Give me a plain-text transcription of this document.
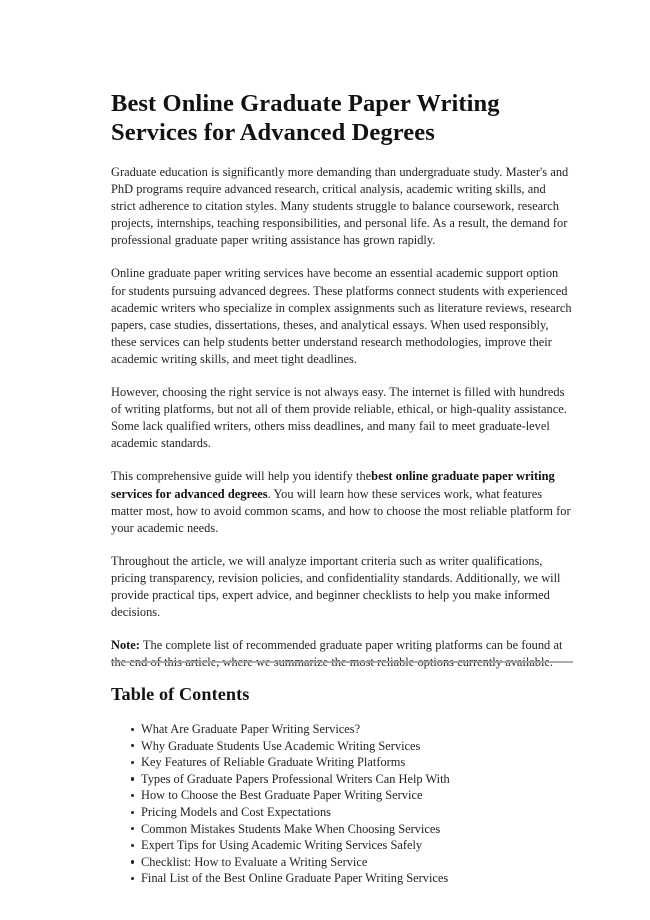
Best Online Graduate Paper Writing Services for Advanced Degrees

Graduate education is significantly more demanding than undergraduate study. Master's and PhD programs require advanced research, critical analysis, academic writing skills, and strict adherence to citation styles. Many students struggle to balance coursework, research projects, internships, teaching responsibilities, and personal life. As a result, the demand for professional graduate paper writing assistance has grown rapidly.

Online graduate paper writing services have become an essential academic support option for students pursuing advanced degrees. These platforms connect students with experienced academic writers who specialize in complex assignments such as literature reviews, research papers, case studies, dissertations, theses, and analytical essays. When used responsibly, these services can help students better understand research methodologies, improve their academic writing skills, and meet tight deadlines.

However, choosing the right service is not always easy. The internet is filled with hundreds of writing platforms, but not all of them provide reliable, ethical, or high-quality assistance. Some lack qualified writers, others miss deadlines, and many fail to meet graduate-level academic standards.

This comprehensive guide will help you identify thebest online graduate paper writing services for advanced degrees. You will learn how these services work, what features matter most, how to avoid common scams, and how to choose the most reliable platform for your academic needs.

Throughout the article, we will analyze important criteria such as writer qualifications, pricing transparency, revision policies, and confidentiality standards. Additionally, we will provide practical tips, expert advice, and beginner checklists to help you make informed decisions.

Note: The complete list of recommended graduate paper writing platforms can be found at the end of this article, where we summarize the most reliable options currently available.

Table of Contents
What Are Graduate Paper Writing Services?
Why Graduate Students Use Academic Writing Services
Key Features of Reliable Graduate Writing Platforms
Types of Graduate Papers Professional Writers Can Help With
How to Choose the Best Graduate Paper Writing Service
Pricing Models and Cost Expectations
Common Mistakes Students Make When Choosing Services
Expert Tips for Using Academic Writing Services Safely
Checklist: How to Evaluate a Writing Service
Final List of the Best Online Graduate Paper Writing Services
